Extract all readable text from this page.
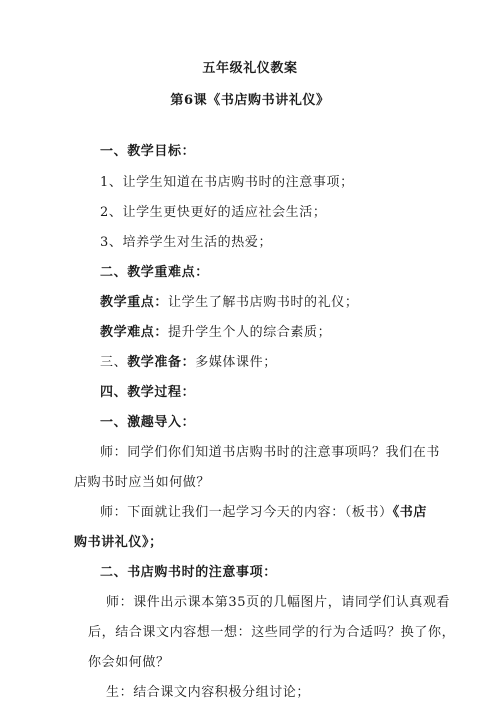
五年级礼仪教案
第6课《书店购书讲礼仪》
一、教学目标：
1、让学生知道在书店购书时的注意事项；
2、让学生更快更好的适应社会生活；
3、培养学生对生活的热爱；
二、教学重难点：
教学重点：让学生了解书店购书时的礼仪；
教学难点：提升学生个人的综合素质；
三、教学准备：多媒体课件；
四、教学过程：
一、激趣导入：
师：同学们你们知道书店购书时的注意事项吗？我们在书
店购书时应当如何做？
师：下面就让我们一起学习今天的内容：（板书）《书店
购书讲礼仪》；
二、书店购书时的注意事项：
师：课件出示课本第35页的几幅图片，请同学们认真观看
后，结合课文内容想一想：这些同学的行为合适吗？换了你，
你会如何做？
生：结合课文内容积极分组讨论；
